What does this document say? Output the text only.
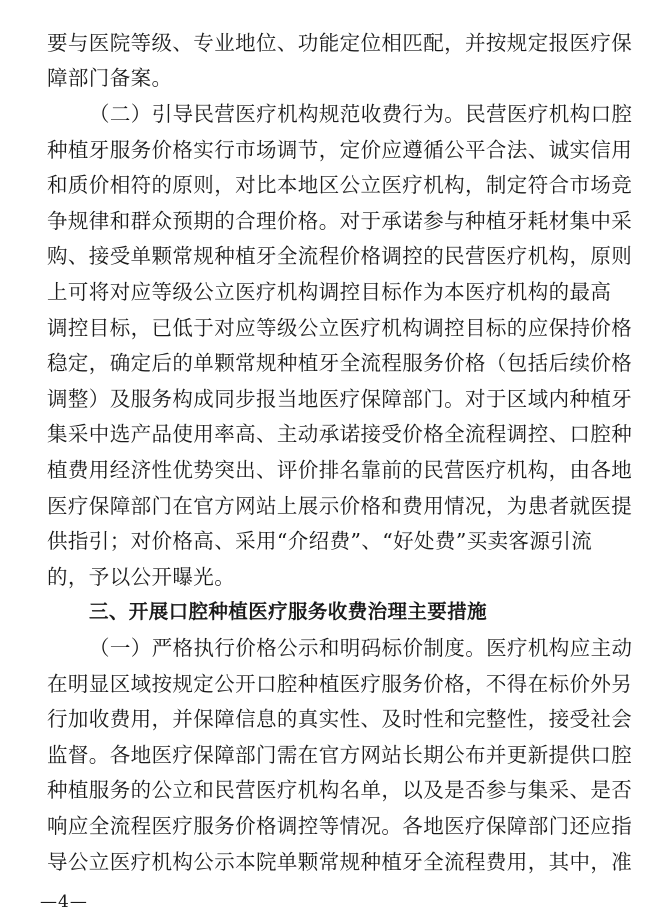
要与医院等级、专业地位、功能定位相匹配，并按规定报医疗保
障部门备案。
（二）引导民营医疗机构规范收费行为。民营医疗机构口腔
种植牙服务价格实行市场调节，定价应遵循公平合法、诚实信用
和质价相符的原则，对比本地区公立医疗机构，制定符合市场竞
争规律和群众预期的合理价格。对于承诺参与种植牙耗材集中采
购、接受单颗常规种植牙全流程价格调控的民营医疗机构，原则
上可将对应等级公立医疗机构调控目标作为本医疗机构的最高
调控目标，已低于对应等级公立医疗机构调控目标的应保持价格
稳定，确定后的单颗常规种植牙全流程服务价格（包括后续价格
调整）及服务构成同步报当地医疗保障部门。对于区域内种植牙
集采中选产品使用率高、主动承诺接受价格全流程调控、口腔种
植费用经济性优势突出、评价排名靠前的民营医疗机构，由各地
医疗保障部门在官方网站上展示价格和费用情况，为患者就医提
供指引；对价格高、采用“介绍费”、“好处费”买卖客源引流
的，予以公开曝光。
三、开展口腔种植医疗服务收费治理主要措施
（一）严格执行价格公示和明码标价制度。医疗机构应主动
在明显区域按规定公开口腔种植医疗服务价格，不得在标价外另
行加收费用，并保障信息的真实性、及时性和完整性，接受社会
监督。各地医疗保障部门需在官方网站长期公布并更新提供口腔
种植服务的公立和民营医疗机构名单，以及是否参与集采、是否
响应全流程医疗服务价格调控等情况。各地医疗保障部门还应指
导公立医疗机构公示本院单颗常规种植牙全流程费用，其中，准
—4—
